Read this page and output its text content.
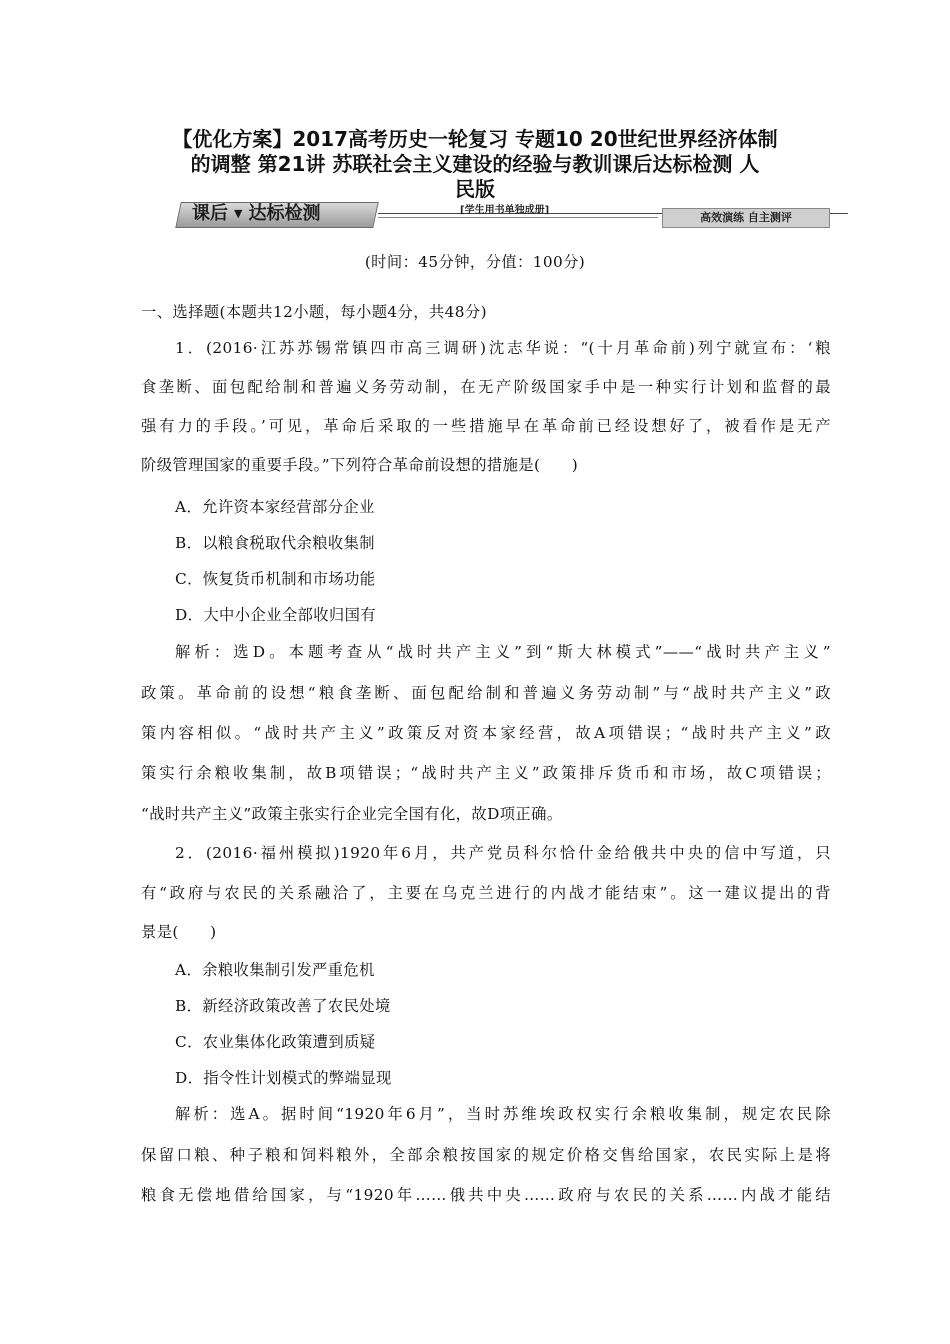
【优化方案】2017高考历史一轮复习 专题10 20世纪世界经济体制
的调整 第21讲 苏联社会主义建设的经验与教训课后达标检测 人
民版
课后 ▼ 达标检测	[学生用书单独成册]
高效演练 自主测评
(时间：45分钟，分值：100分)
一、选择题(本题共12小题，每小题4分，共48分)
1．(2016·江苏苏锡常镇四市高三调研)沈志华说：“(十月革命前)列宁就宣布：‘粮
食垄断、面包配给制和普遍义务劳动制，在无产阶级国家手中是一种实行计划和监督的最
强有力的手段。’可见，革命后采取的一些措施早在革命前已经设想好了，被看作是无产
阶级管理国家的重要手段。”下列符合革命前设想的措施是(　　)
A．允许资本家经营部分企业
B．以粮食税取代余粮收集制
C．恢复货币机制和市场功能
D．大中小企业全部收归国有
解析：选D。本题考查从“战时共产主义”到“斯大林模式”——“战时共产主义”
政策。革命前的设想“粮食垄断、面包配给制和普遍义务劳动制”与“战时共产主义”政
策内容相似。“战时共产主义”政策反对资本家经营，故A项错误；“战时共产主义”政
策实行余粮收集制，故B项错误；“战时共产主义”政策排斥货币和市场，故C项错误；
“战时共产主义”政策主张实行企业完全国有化，故D项正确。
2．(2016·福州模拟)1920年6月，共产党员科尔恰什金给俄共中央的信中写道，只
有“政府与农民的关系融洽了，主要在乌克兰进行的内战才能结束”。这一建议提出的背
景是(　　)
A．余粮收集制引发严重危机
B．新经济政策改善了农民处境
C．农业集体化政策遭到质疑
D．指令性计划模式的弊端显现
解析：选A。据时间“1920年6月”，当时苏维埃政权实行余粮收集制，规定农民除
保留口粮、种子粮和饲料粮外，全部余粮按国家的规定价格交售给国家，农民实际上是将
粮食无偿地借给国家，与“1920年……俄共中央……政府与农民的关系……内战才能结
